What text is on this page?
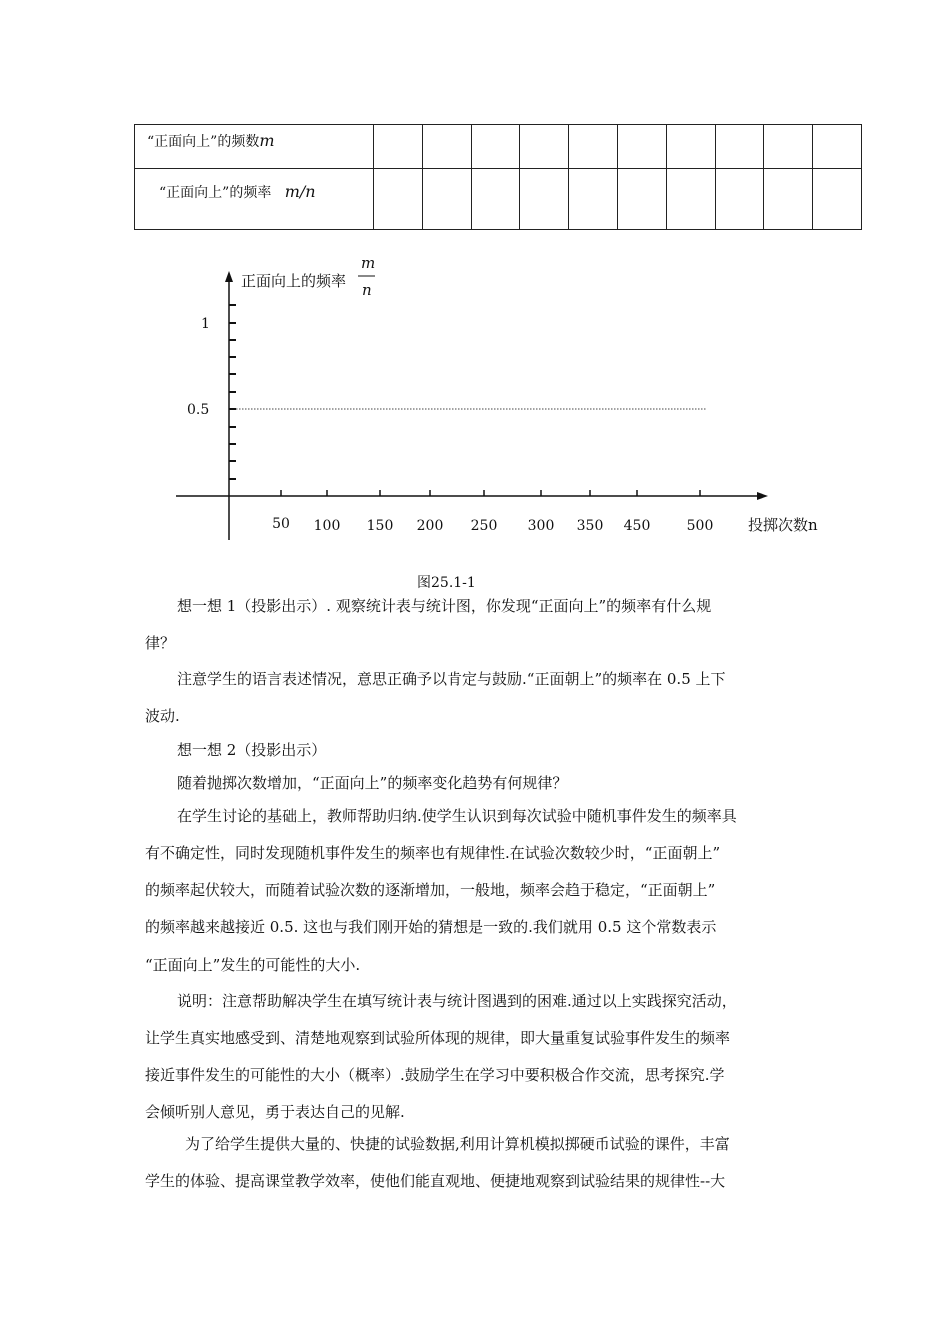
“正面向上”的频数m										

“正面向上”的频率 m/n										

1
0.5
正面向上的频率
m
n
50 100 150 200 250 300 350 450	500 投掷次数n
图25.1-1
想一想 1（投影出示）. 观察统计表与统计图，你发现“正面向上”的频率有什么规
律？
注意学生的语言表述情况，意思正确予以肯定与鼓励.“正面朝上”的频率在 0.5 上下
波动.
想一想 2（投影出示）
随着抛掷次数增加，“正面向上”的频率变化趋势有何规律？
在学生讨论的基础上，教师帮助归纳.使学生认识到每次试验中随机事件发生的频率具
有不确定性，同时发现随机事件发生的频率也有规律性.在试验次数较少时，“正面朝上”
的频率起伏较大，而随着试验次数的逐渐增加，一般地，频率会趋于稳定，“正面朝上”
的频率越来越接近 0.5. 这也与我们刚开始的猜想是一致的.我们就用 0.5 这个常数表示
“正面向上”发生的可能性的大小.
说明：注意帮助解决学生在填写统计表与统计图遇到的困难.通过以上实践探究活动，
让学生真实地感受到、清楚地观察到试验所体现的规律，即大量重复试验事件发生的频率
接近事件发生的可能性的大小（概率）.鼓励学生在学习中要积极合作交流，思考探究.学
会倾听别人意见，勇于表达自己的见解.
为了给学生提供大量的、快捷的试验数据,利用计算机模拟掷硬币试验的课件，丰富
学生的体验、提高课堂教学效率，使他们能直观地、便捷地观察到试验结果的规律性--大
